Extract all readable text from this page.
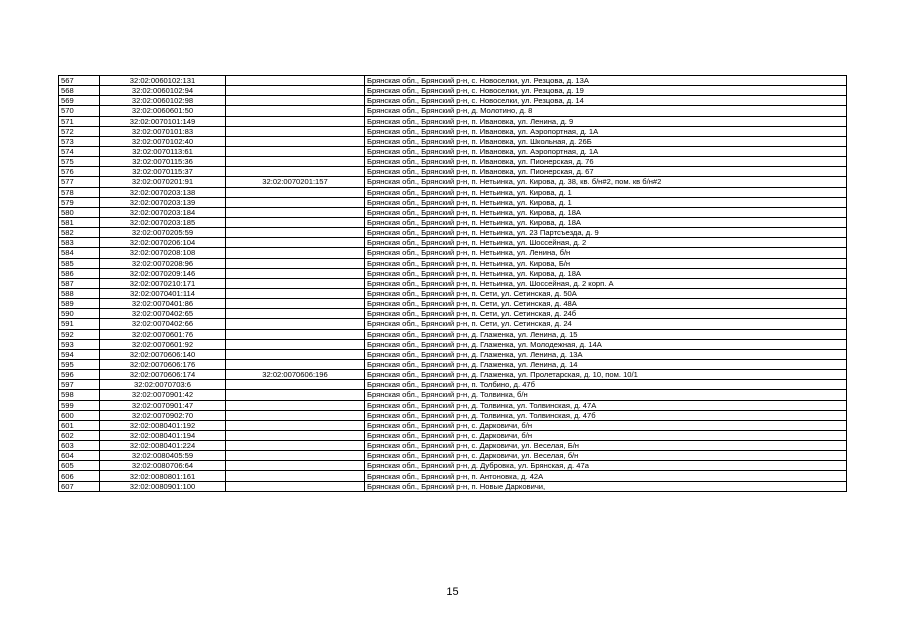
567	32:02:0060102:131		Брянская обл., Брянский р-н, с. Новоселки, ул. Резцова, д. 13А
568	32:02:0060102:94		Брянская обл., Брянский р-н, с. Новоселки, ул. Резцова, д. 19
569	32:02:0060102:98		Брянская обл., Брянский р-н, с. Новоселки, ул. Резцова, д. 14
570	32:02:0060601:50		Брянская обл., Брянский р-н, д. Молотино, д. 8
571	32:02:0070101:149		Брянская обл., Брянский р-н, п. Ивановка, ул. Ленина, д. 9
572	32:02:0070101:83		Брянская обл., Брянский р-н, п. Ивановка, ул. Аэропортная, д. 1А
573	32:02:0070102:40		Брянская обл., Брянский р-н, п. Ивановка, ул. Школьная, д. 26Б
574	32:02:0070113:61		Брянская обл., Брянский р-н, п. Ивановка, ул. Аэропортная, д. 1А
575	32:02:0070115:36		Брянская обл., Брянский р-н, п. Ивановка, ул. Пионерская, д. 76
576	32:02:0070115:37		Брянская обл., Брянский р-н, п. Ивановка, ул. Пионерская, д. 67
577	32:02:0070201:91	32:02:0070201:157	Брянская обл., Брянский р-н, п. Нетьинка, ул. Кирова, д. 38, кв. б/н#2, пом. кв б/н#2
578	32:02:0070203:138		Брянская обл., Брянский р-н, п. Нетьинка, ул. Кирова, д. 1
579	32:02:0070203:139		Брянская обл., Брянский р-н, п. Нетьинка, ул. Кирова, д. 1
580	32:02:0070203:184		Брянская обл., Брянский р-н, п. Нетьинка, ул. Кирова, д. 18А
581	32:02:0070203:185		Брянская обл., Брянский р-н, п. Нетьинка, ул. Кирова, д. 18А
582	32:02:0070205:59		Брянская обл., Брянский р-н, п. Нетьинка, ул. 23 Партсъезда, д. 9
583	32:02:0070206:104		Брянская обл., Брянский р-н, п. Нетьинка, ул. Шоссейная, д. 2
584	32:02:0070208:108		Брянская обл., Брянский р-н, п. Нетьинка, ул. Ленина, б/н
585	32:02:0070208:96		Брянская обл., Брянский р-н, п. Нетьинка, ул. Кирова, Б/н
586	32:02:0070209:146		Брянская обл., Брянский р-н, п. Нетьинка, ул. Кирова, д. 18А
587	32:02:0070210:171		Брянская обл., Брянский р-н, п. Нетьинка, ул. Шоссейная, д. 2 корп. А
588	32:02:0070401:114		Брянская обл., Брянский р-н, п. Сети, ул. Сетинская, д. 50А
589	32:02:0070401:86		Брянская обл., Брянский р-н, п. Сети, ул. Сетинская, д. 48А
590	32:02:0070402:65		Брянская обл., Брянский р-н, п. Сети, ул. Сетинская, д. 24б
591	32:02:0070402:66		Брянская обл., Брянский р-н, п. Сети, ул. Сетинская, д. 24
592	32:02:0070601:76		Брянская обл., Брянский р-н, д. Глаженка, ул. Ленина, д. 15
593	32:02:0070601:92		Брянская обл., Брянский р-н, д. Глаженка, ул. Молодежная, д. 14А
594	32:02:0070606:140		Брянская обл., Брянский р-н, д. Глаженка, ул. Ленина, д. 13А
595	32:02:0070606:176		Брянская обл., Брянский р-н, д. Глаженка, ул. Ленина, д. 14
596	32:02:0070606:174	32:02:0070606:196	Брянская обл., Брянский р-н, д. Глаженка, ул. Пролетарская, д. 10, пом. 10/1
597	32:02:0070703:6		Брянская обл., Брянский р-н, п. Толбино, д. 47б
598	32:02:0070901:42		Брянская обл., Брянский р-н, д. Толвинка, б/н
599	32:02:0070901:47		Брянская обл., Брянский р-н, д. Толвинка, ул. Толвинская, д. 47А
600	32:02:0070902:70		Брянская обл., Брянский р-н, д. Толвинка, ул. Толвинская, д. 47б
601	32:02:0080401:192		Брянская обл., Брянский р-н, с. Дарковичи, б/н
602	32:02:0080401:194		Брянская обл., Брянский р-н, с. Дарковичи, б/н
603	32:02:0080401:224		Брянская обл., Брянский р-н, с. Дарковичи, ул. Веселая, Б/н
604	32:02:0080405:59		Брянская обл., Брянский р-н, с. Дарковичи, ул. Веселая, б/н
605	32:02:0080706:64		Брянская обл., Брянский р-н, д. Дубровка, ул. Брянская, д. 47а
606	32:02:0080801:161		Брянская обл., Брянский р-н, п. Антоновка, д. 42А
607	32:02:0080901:100		Брянская обл., Брянский р-н, п. Новые Дарковичи,
15
